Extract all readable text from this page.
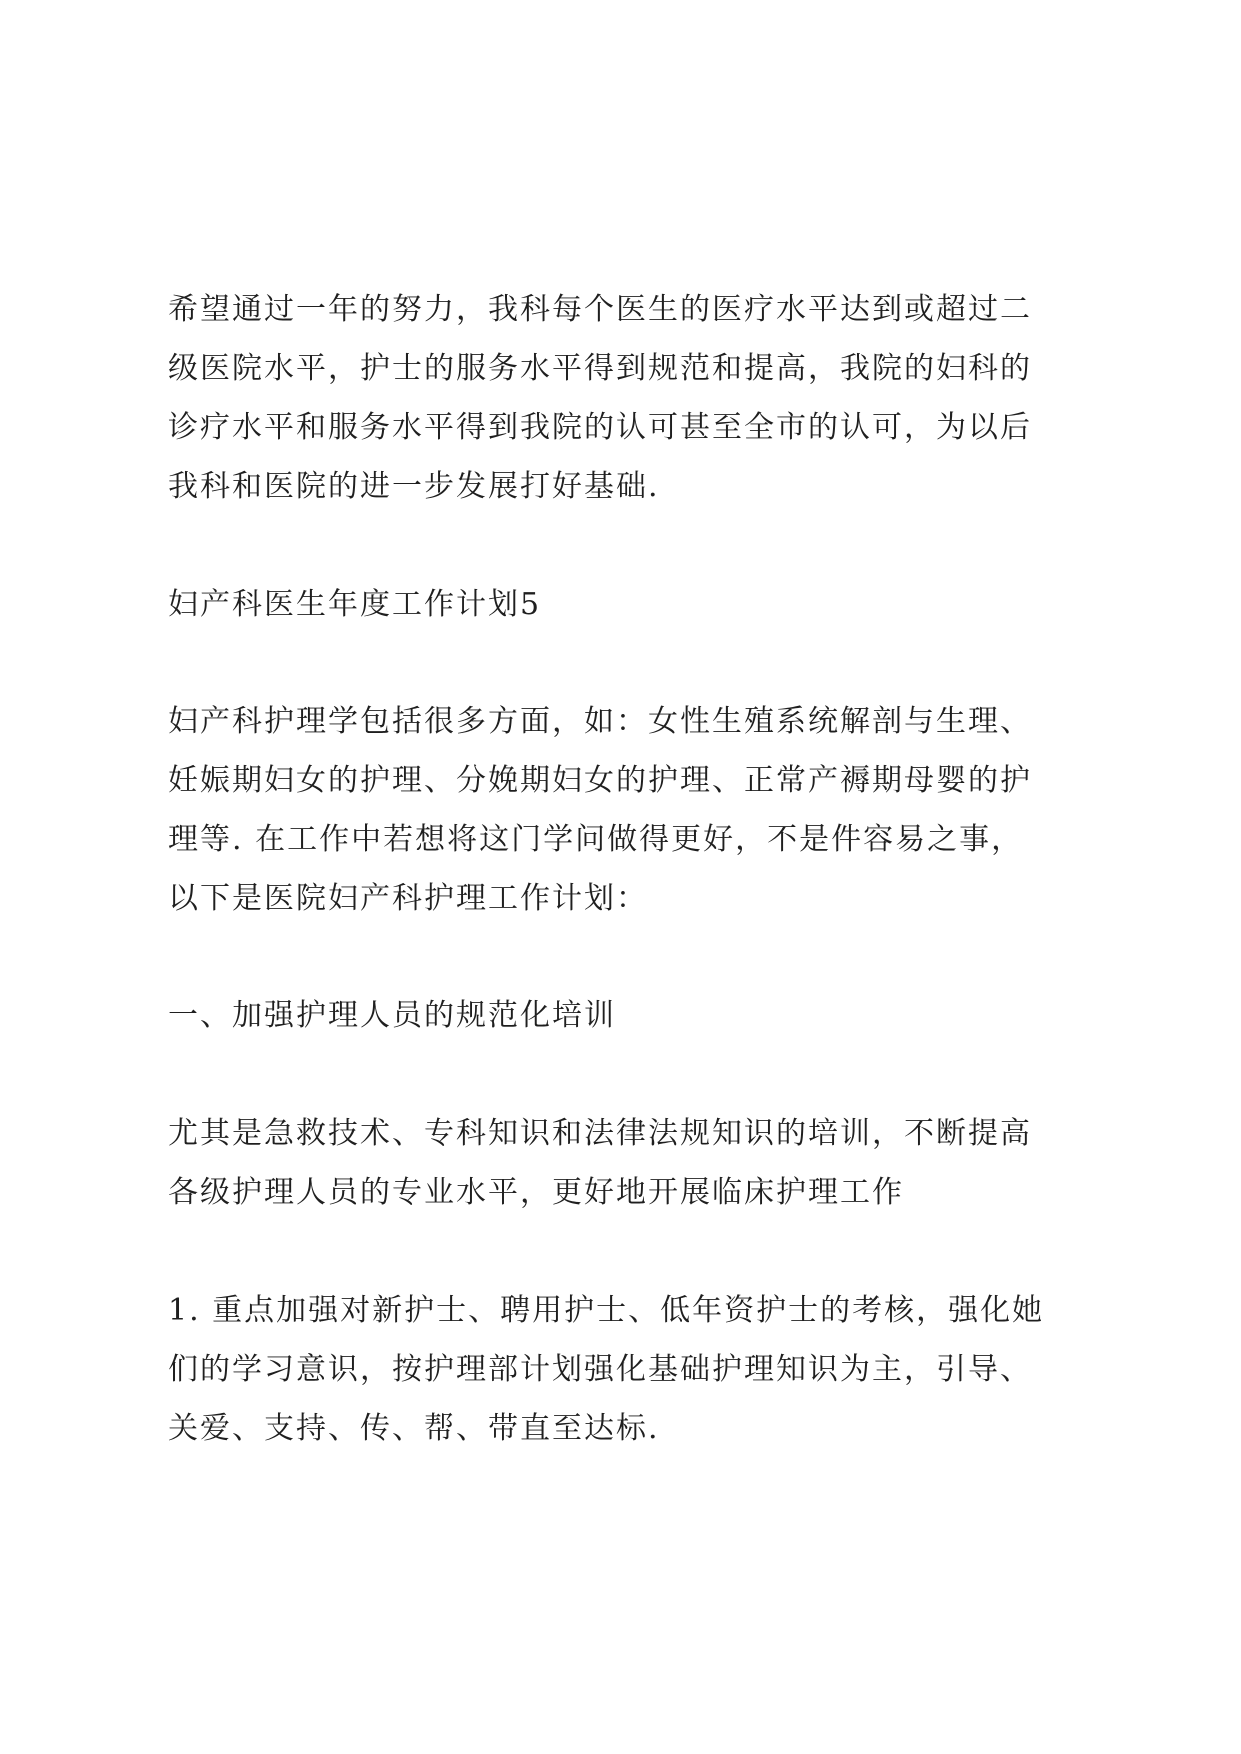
希望通过一年的努力，我科每个医生的医疗水平达到或超过二
级医院水平，护士的服务水平得到规范和提高，我院的妇科的
诊疗水平和服务水平得到我院的认可甚至全市的认可，为以后
我科和医院的进一步发展打好基础.

妇产科医生年度工作计划5

妇产科护理学包括很多方面，如：女性生殖系统解剖与生理、
妊娠期妇女的护理、分娩期妇女的护理、正常产褥期母婴的护
理等. 在工作中若想将这门学问做得更好，不是件容易之事，
以下是医院妇产科护理工作计划：

一、加强护理人员的规范化培训

尤其是急救技术、专科知识和法律法规知识的培训，不断提高
各级护理人员的专业水平，更好地开展临床护理工作

1. 重点加强对新护士、聘用护士、低年资护士的考核，强化她
们的学习意识，按护理部计划强化基础护理知识为主，引导、
关爱、支持、传、帮、带直至达标.
